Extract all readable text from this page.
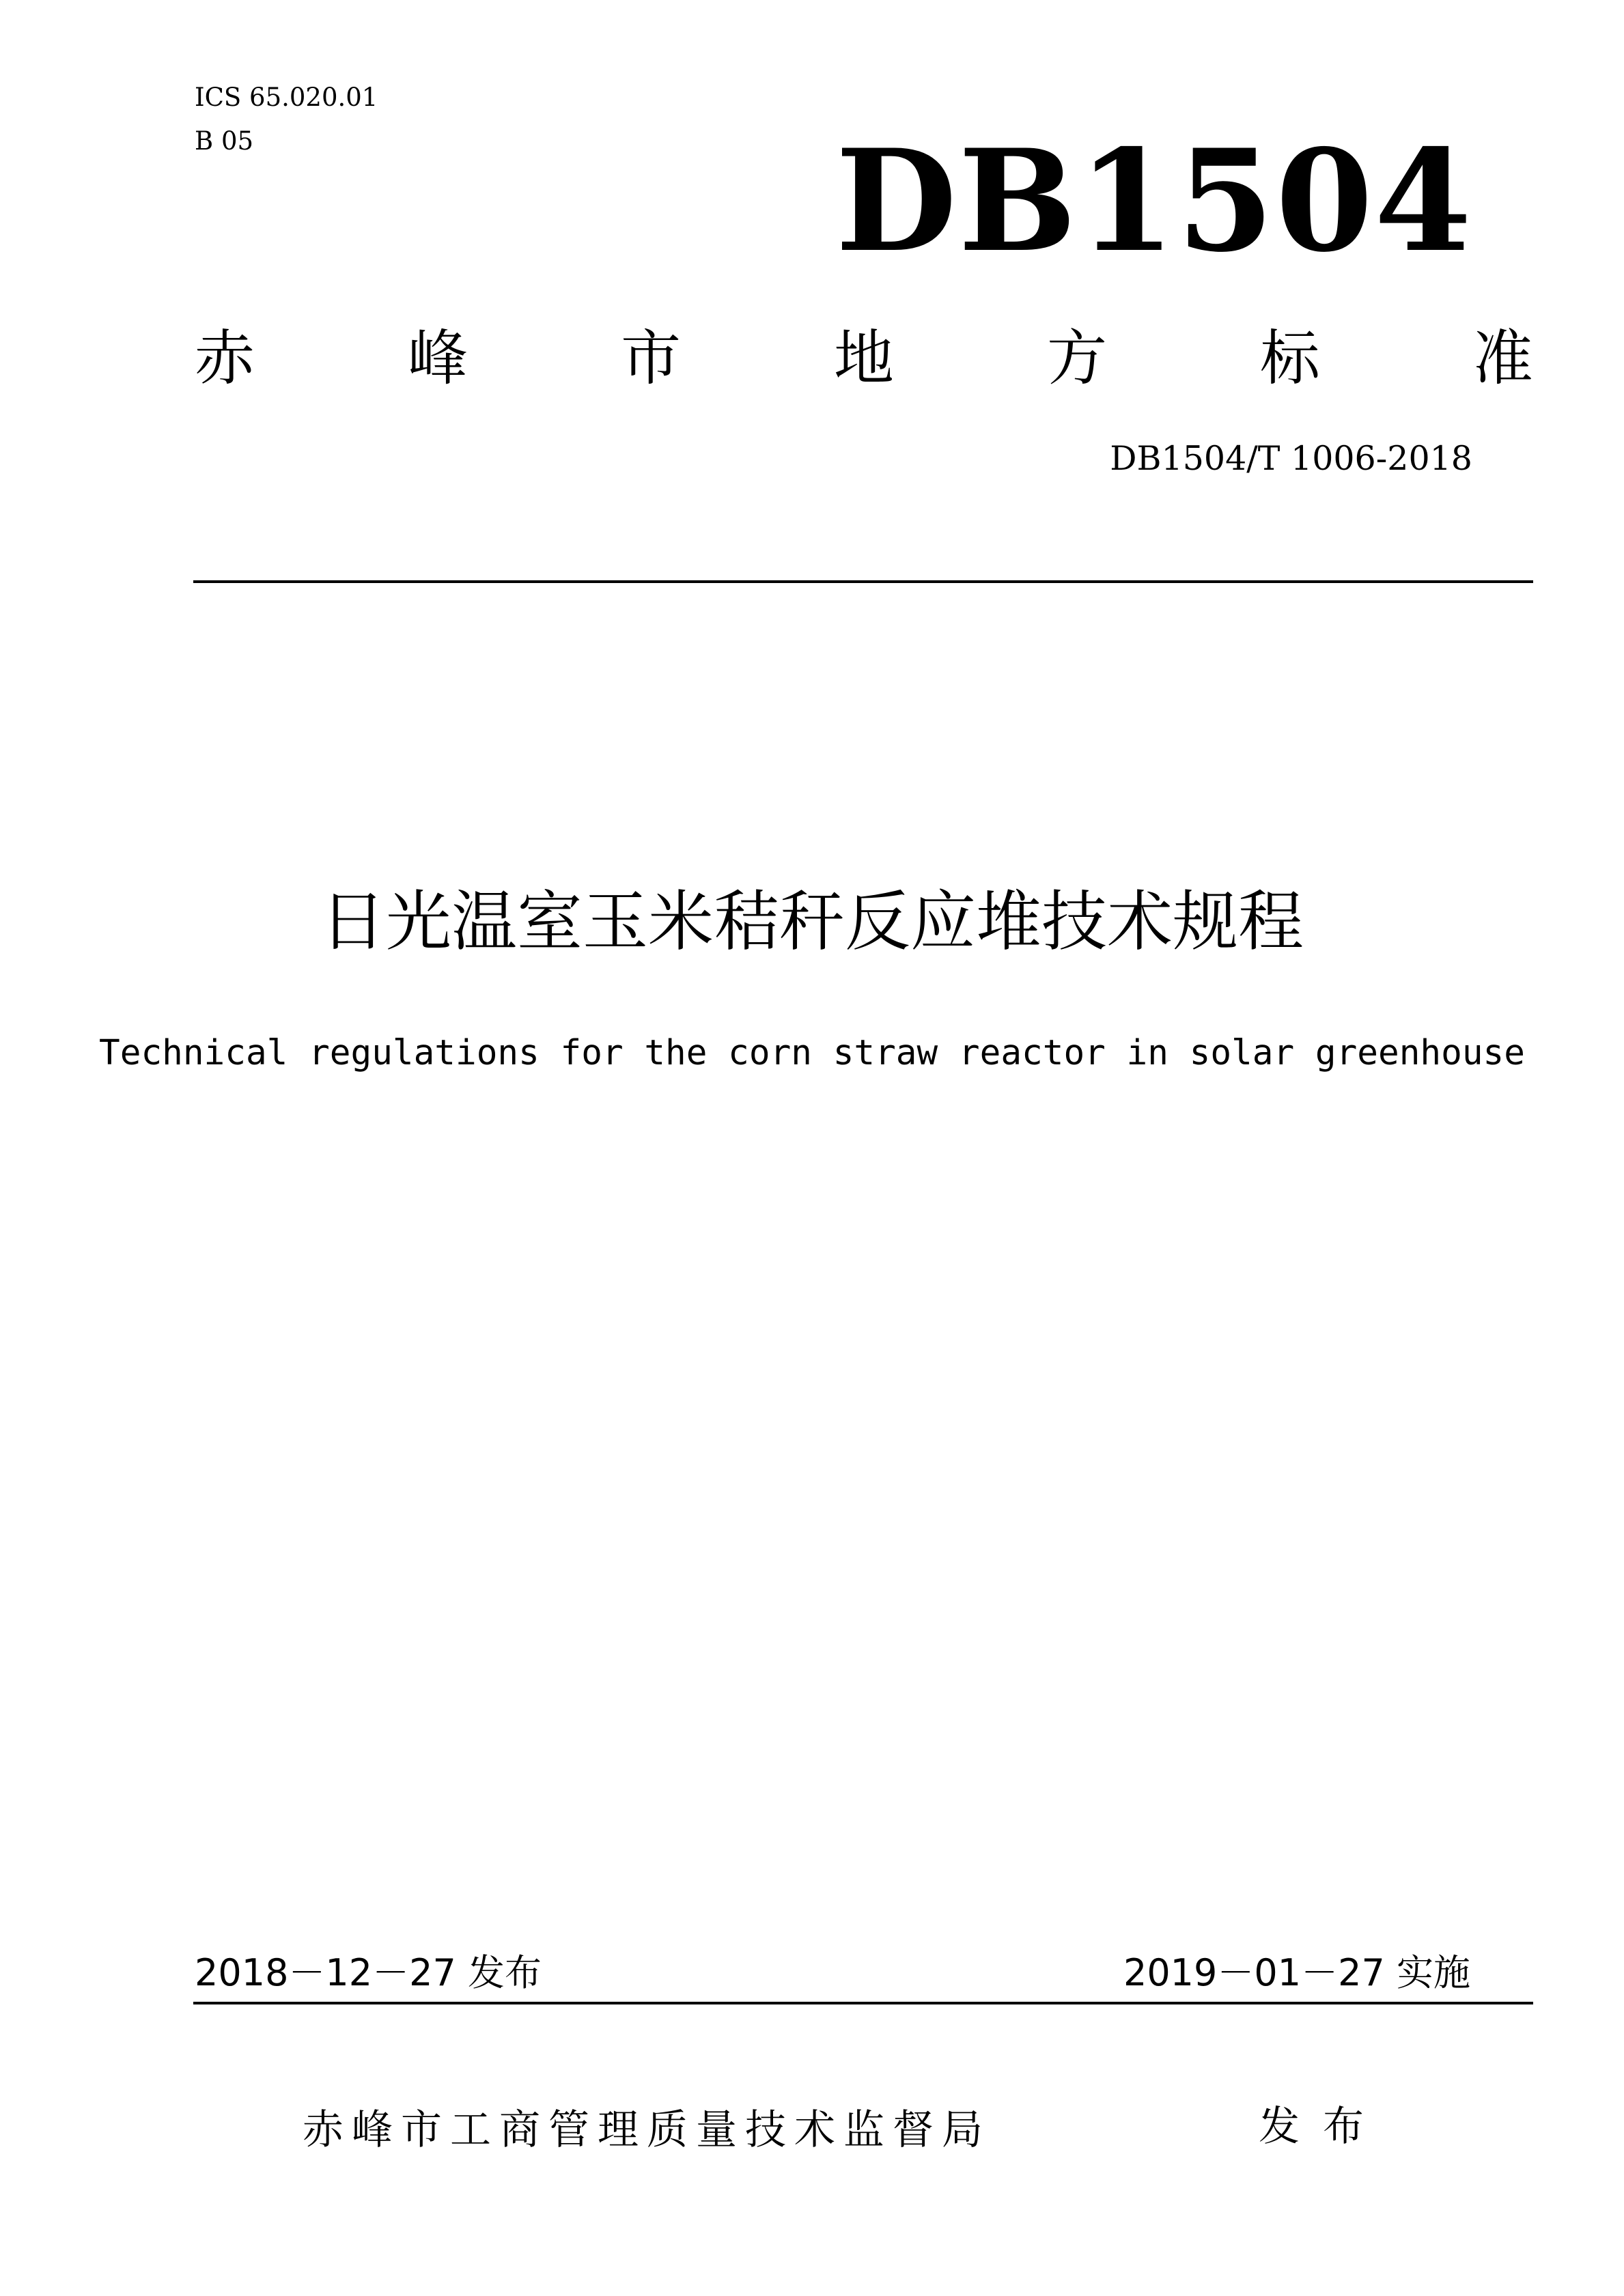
ICS 65.020.01
B 05	DB1504
赤	峰	市	地	方	标	准
DB1504/T 1006-2018
日光温室玉米秸秆反应堆技术规程
Technical regulations for the corn straw reactor in solar greenhouse
2018－12－27 发布	2019－01－27 实施
赤峰市工商管理质量技术监督局	发布
